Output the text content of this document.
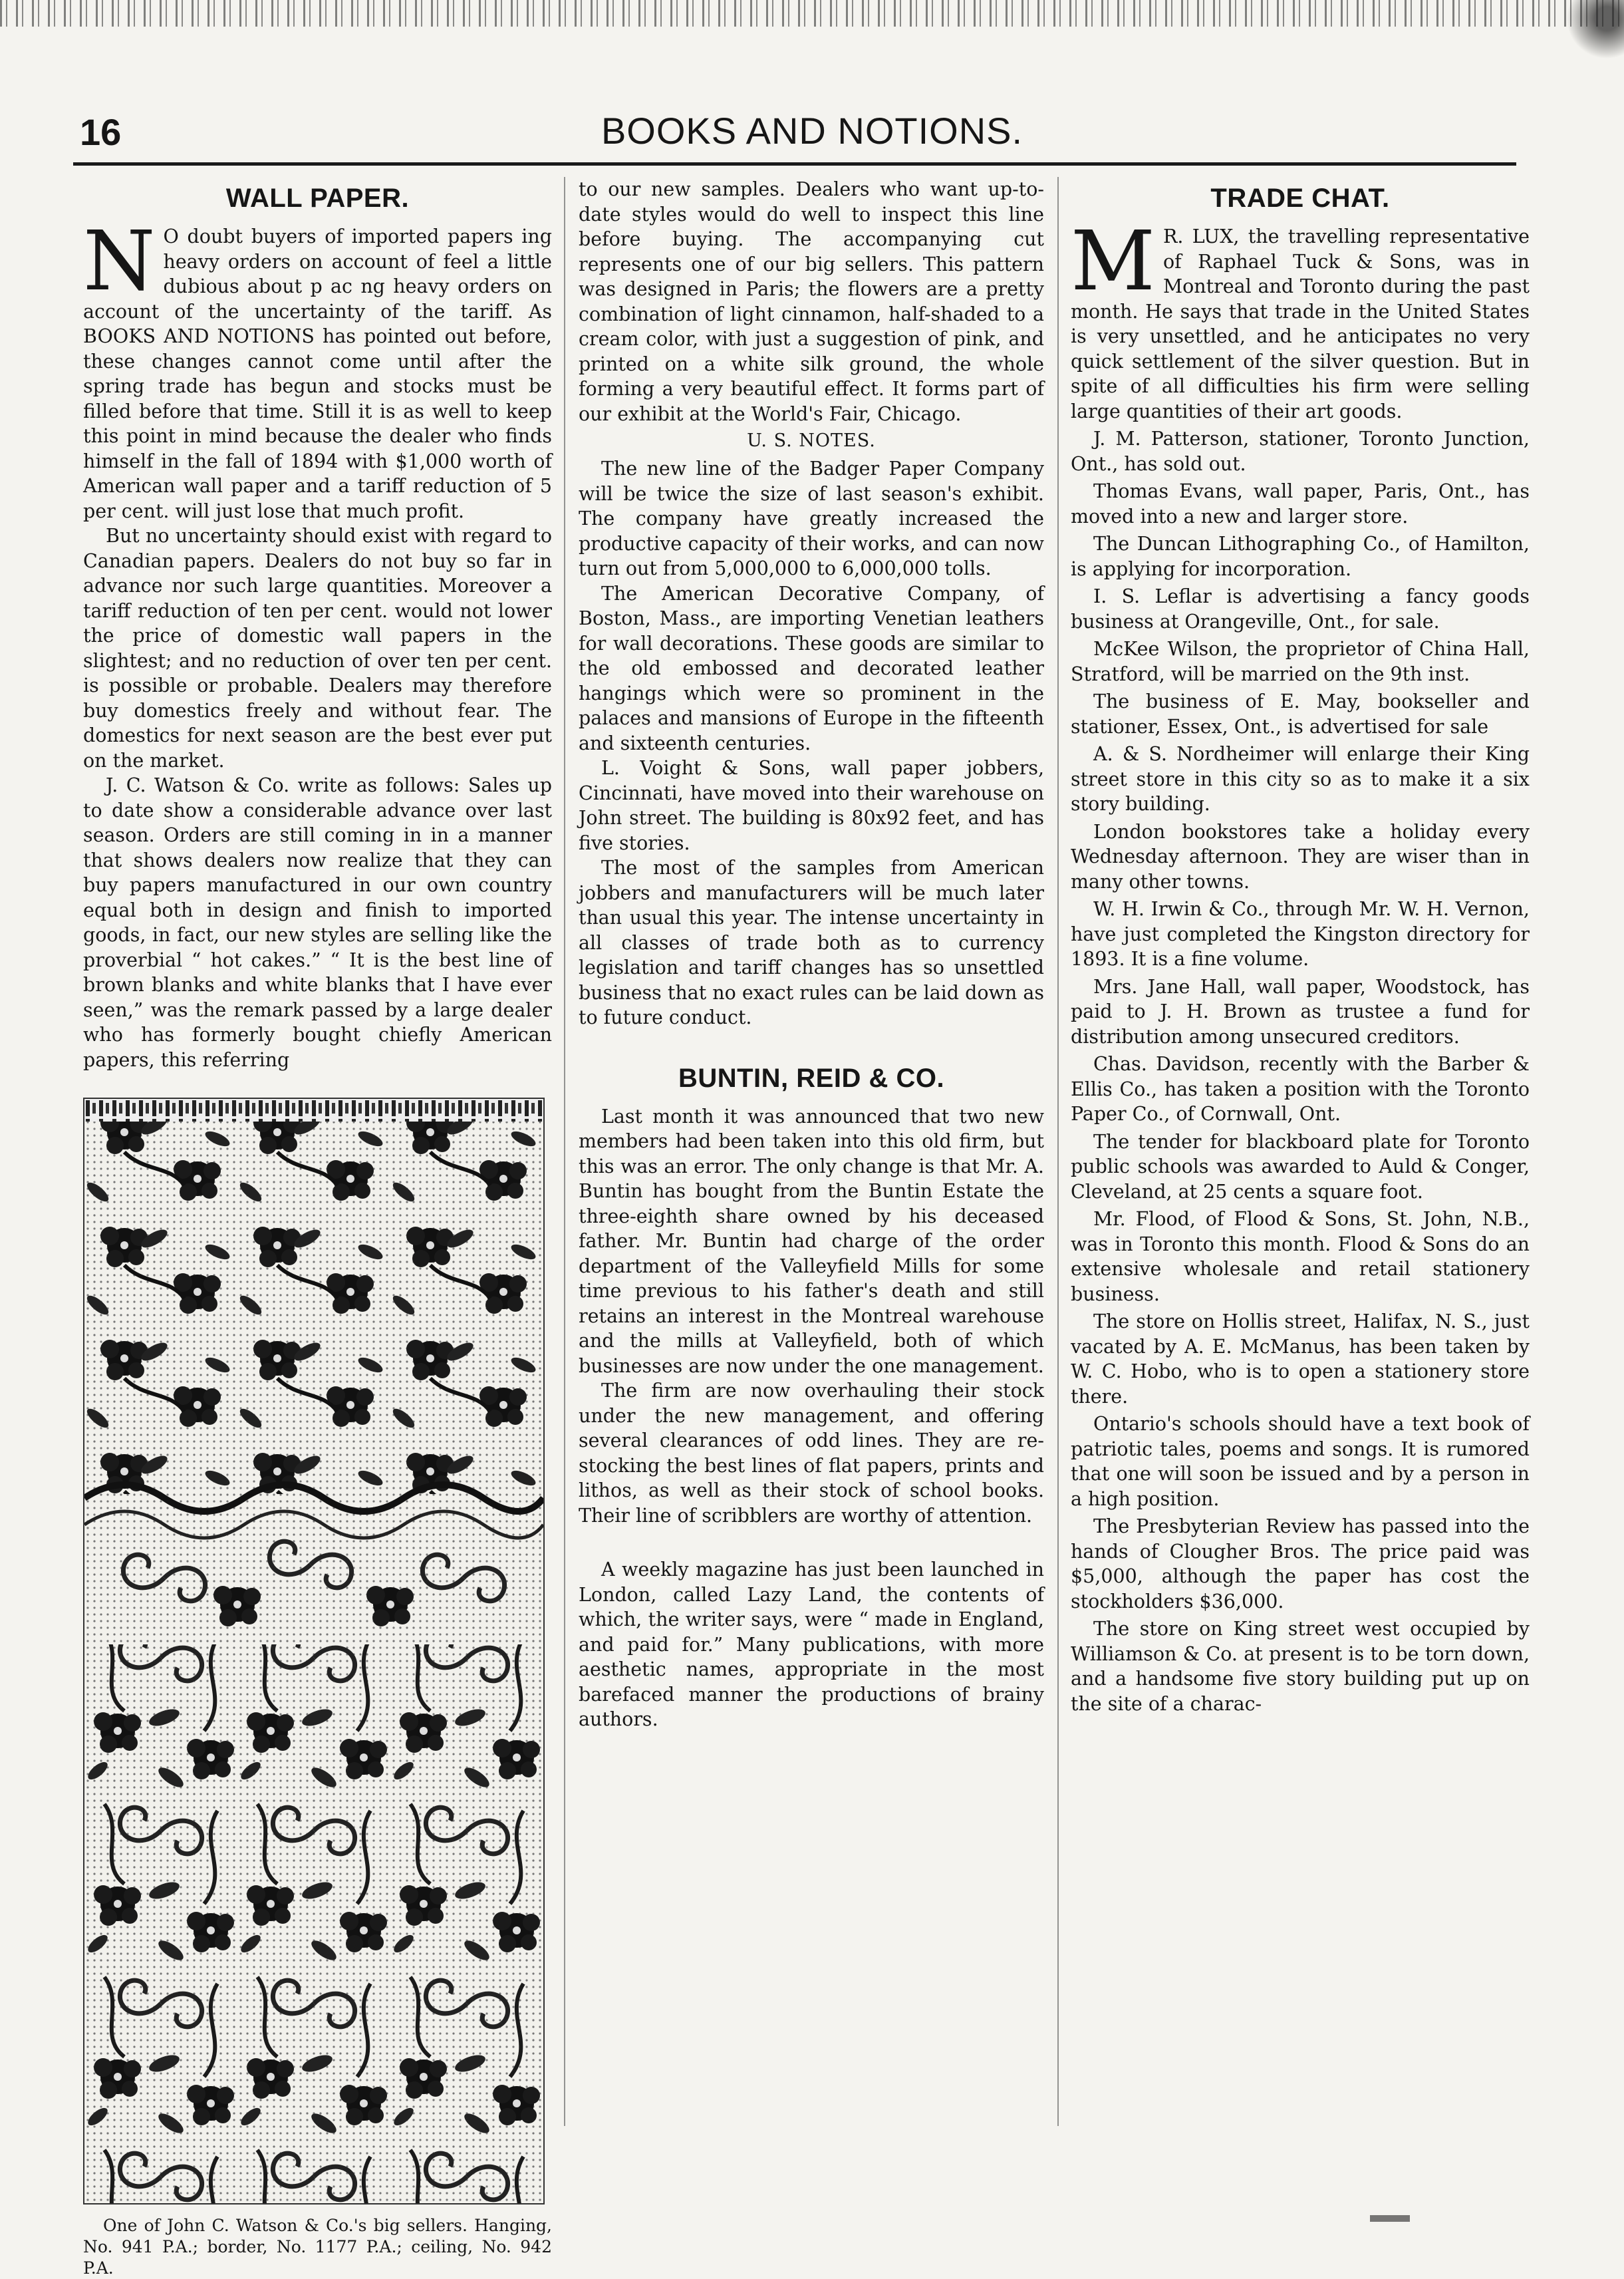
16	BOOKS AND NOTIONS.
WALL PAPER.
N O doubt buyers of imported papers ing heavy orders on account of feel a little dubious about p ac ng heavy orders on account of the uncertainty of the tariff. As BOOKS AND NOTIONS has pointed out before, these changes cannot come until after the spring trade has begun and stocks must be filled before that time. Still it is as well to keep this point in mind because the dealer who finds himself in the fall of 1894 with $1,000 worth of American wall paper and a tariff reduction of 5 per cent. will just lose that much profit.

But no uncertainty should exist with regard to Canadian papers. Dealers do not buy so far in advance nor such large quantities. Moreover a tariff reduction of ten per cent. would not lower the price of domestic wall papers in the slightest; and no reduction of over ten per cent. is possible or probable. Dealers may therefore buy domestics freely and without fear. The domestics for next season are the best ever put on the market.

J. C. Watson & Co. write as follows: Sales up to date show a considerable advance over last season. Orders are still coming in in a manner that shows dealers now realize that they can buy papers manufactured in our own country equal both in design and finish to imported goods, in fact, our new styles are selling like the proverbial “ hot cakes.” “ It is the best line of brown blanks and white blanks that I have ever seen,” was the remark passed by a large dealer who has formerly bought chiefly American papers, this referring

One of John C. Watson & Co.'s big sellers. Hanging, No. 941 P.A.; border, No. 1177 P.A.; ceiling, No. 942 P.A.

to our new samples. Dealers who want up-to-date styles would do well to inspect this line before buying. The accompanying cut represents one of our big sellers. This pattern was designed in Paris; the flowers are a pretty combination of light cinnamon, half-shaded to a cream color, with just a suggestion of pink, and printed on a white silk ground, the whole forming a very beautiful effect. It forms part of our exhibit at the World's Fair, Chicago.

U. S. NOTES.

The new line of the Badger Paper Company will be twice the size of last season's exhibit. The company have greatly increased the productive capacity of their works, and can now turn out from 5,000,000 to 6,000,000 tolls.

The American Decorative Company, of Boston, Mass., are importing Venetian leathers for wall decorations. These goods are similar to the old embossed and decorated leather hangings which were so prominent in the palaces and mansions of Europe in the fifteenth and sixteenth centuries.

L. Voight & Sons, wall paper jobbers, Cincinnati, have moved into their warehouse on John street. The building is 80x92 feet, and has five stories.

The most of the samples from American jobbers and manufacturers will be much later than usual this year. The intense uncertainty in all classes of trade both as to currency legislation and tariff changes has so unsettled business that no exact rules can be laid down as to future conduct.

BUNTIN, REID & CO.

Last month it was announced that two new members had been taken into this old firm, but this was an error. The only change is that Mr. A. Buntin has bought from the Buntin Estate the three-eighth share owned by his deceased father. Mr. Buntin had charge of the order department of the Valleyfield Mills for some time previous to his father's death and still retains an interest in the Montreal warehouse and the mills at Valleyfield, both of which businesses are now under the one management.

The firm are now overhauling their stock under the new management, and offering several clearances of odd lines. They are re-stocking the best lines of flat papers, prints and lithos, as well as their stock of school books. Their line of scribblers are worthy of attention.

A weekly magazine has just been launched in London, called Lazy Land, the contents of which, the writer says, were “ made in England, and paid for.” Many publications, with more aesthetic names, appropriate in the most barefaced manner the productions of brainy authors.

TRADE CHAT.
M R. LUX, the travelling representative of Raphael Tuck & Sons, was in Montreal and Toronto during the past month. He says that trade in the United States is very unsettled, and he anticipates no very quick settlement of the silver question. But in spite of all difficulties his firm were selling large quantities of their art goods.

J. M. Patterson, stationer, Toronto Junction, Ont., has sold out.

Thomas Evans, wall paper, Paris, Ont., has moved into a new and larger store.

The Duncan Lithographing Co., of Hamilton, is applying for incorporation.

I. S. Leflar is advertising a fancy goods business at Orangeville, Ont., for sale.

McKee Wilson, the proprietor of China Hall, Stratford, will be married on the 9th inst.

The business of E. May, bookseller and stationer, Essex, Ont., is advertised for sale

A. & S. Nordheimer will enlarge their King street store in this city so as to make it a six story building.

London bookstores take a holiday every Wednesday afternoon. They are wiser than in many other towns.

W. H. Irwin & Co., through Mr. W. H. Vernon, have just completed the Kingston directory for 1893. It is a fine volume.

Mrs. Jane Hall, wall paper, Woodstock, has paid to J. H. Brown as trustee a fund for distribution among unsecured creditors.

Chas. Davidson, recently with the Barber & Ellis Co., has taken a position with the Toronto Paper Co., of Cornwall, Ont.

The tender for blackboard plate for Toronto public schools was awarded to Auld & Conger, Cleveland, at 25 cents a square foot.

Mr. Flood, of Flood & Sons, St. John, N.B., was in Toronto this month. Flood & Sons do an extensive wholesale and retail stationery business.

The store on Hollis street, Halifax, N. S., just vacated by A. E. McManus, has been taken by W. C. Hobo, who is to open a stationery store there.

Ontario's schools should have a text book of patriotic tales, poems and songs. It is rumored that one will soon be issued and by a person in a high position.

The Presbyterian Review has passed into the hands of Clougher Bros. The price paid was $5,000, although the paper has cost the stockholders $36,000.

The store on King street west occupied by Williamson & Co. at present is to be torn down, and a handsome five story building put up on the site of a charac-
